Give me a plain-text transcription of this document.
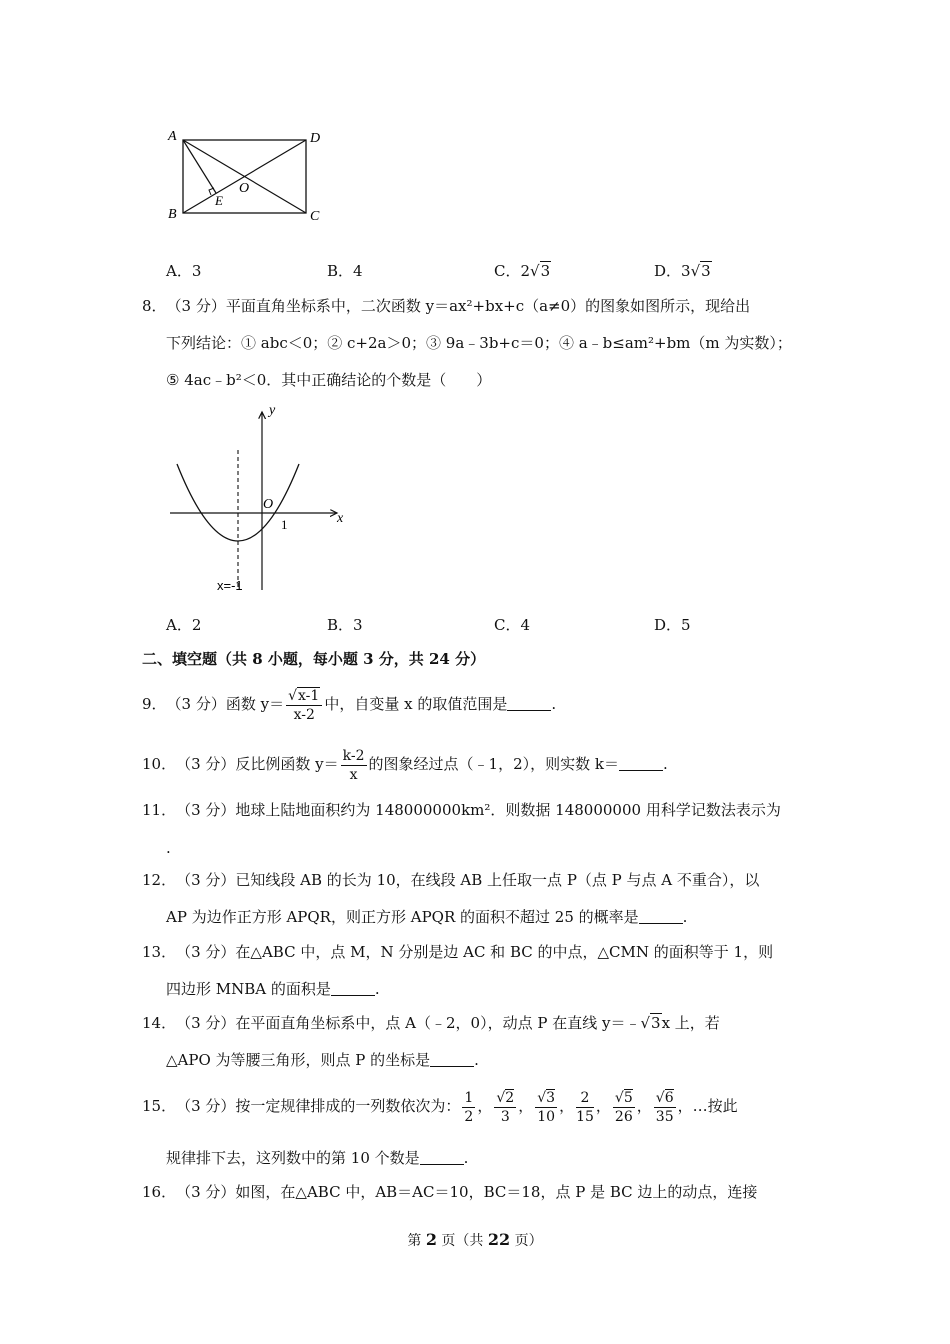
A	D
B	C
O
E
A．3	B．4	C．2√3	D．3√3
8．（3 分）平面直角坐标系中，二次函数 y＝ax²+bx+c（a≠0）的图象如图所示，现给出
下列结论：① abc＜0；② c+2a＞0；③ 9a﹣3b+c＝0；④ a﹣b≤am²+bm（m 为实数）；
⑤ 4ac﹣b²＜0．其中正确结论的个数是（　　）
y
x
O
1
x=-1
A．2	B．3	C．4	D．5
二、填空题（共 8 小题，每小题 3 分，共 24 分）
9．（3 分）函数 $y= \frac{√x-1}{x-2}$ 中，自变量 x 的取值范围是	.
10．（3 分）反比例函数 $y= \frac{k-2}{x}$ 的图象经过点（﹣1，2），则实数 k＝	.
11．（3 分）地球上陆地面积约为 148000000km²．则数据 148000000 用科学记数法表示为
.
12．（3 分）已知线段 AB 的长为 10，在线段 AB 上任取一点 P（点 P 与点 A 不重合），以
AP 为边作正方形 APQR，则正方形 APQR 的面积不超过 25 的概率是	.
13．（3 分）在△ABC 中，点 M，N 分别是边 AC 和 BC 的中点，△CMN 的面积等于 1，则
四边形 MNBA 的面积是	.
14．（3 分）在平面直角坐标系中，点 A（﹣2，0），动点 P 在直线 y＝﹣√3x 上，若
△APO 为等腰三角形，则点 P 的坐标是	.
15．（3 分）按一定规律排成的一列数依次为： $\frac{1}{2}$ ， $\frac{√2}{3}$ ， $\frac{√3}{10}$ ， $\frac{2}{15}$ ， $\frac{√5}{26}$ ， $\frac{√6}{35}$ ，…按此
规律排下去，这列数中的第 10 个数是	.
16．（3 分）如图，在△ABC 中，AB＝AC＝10，BC＝18，点 P 是 BC 边上的动点，连接
第 2 页（共 22 页）
